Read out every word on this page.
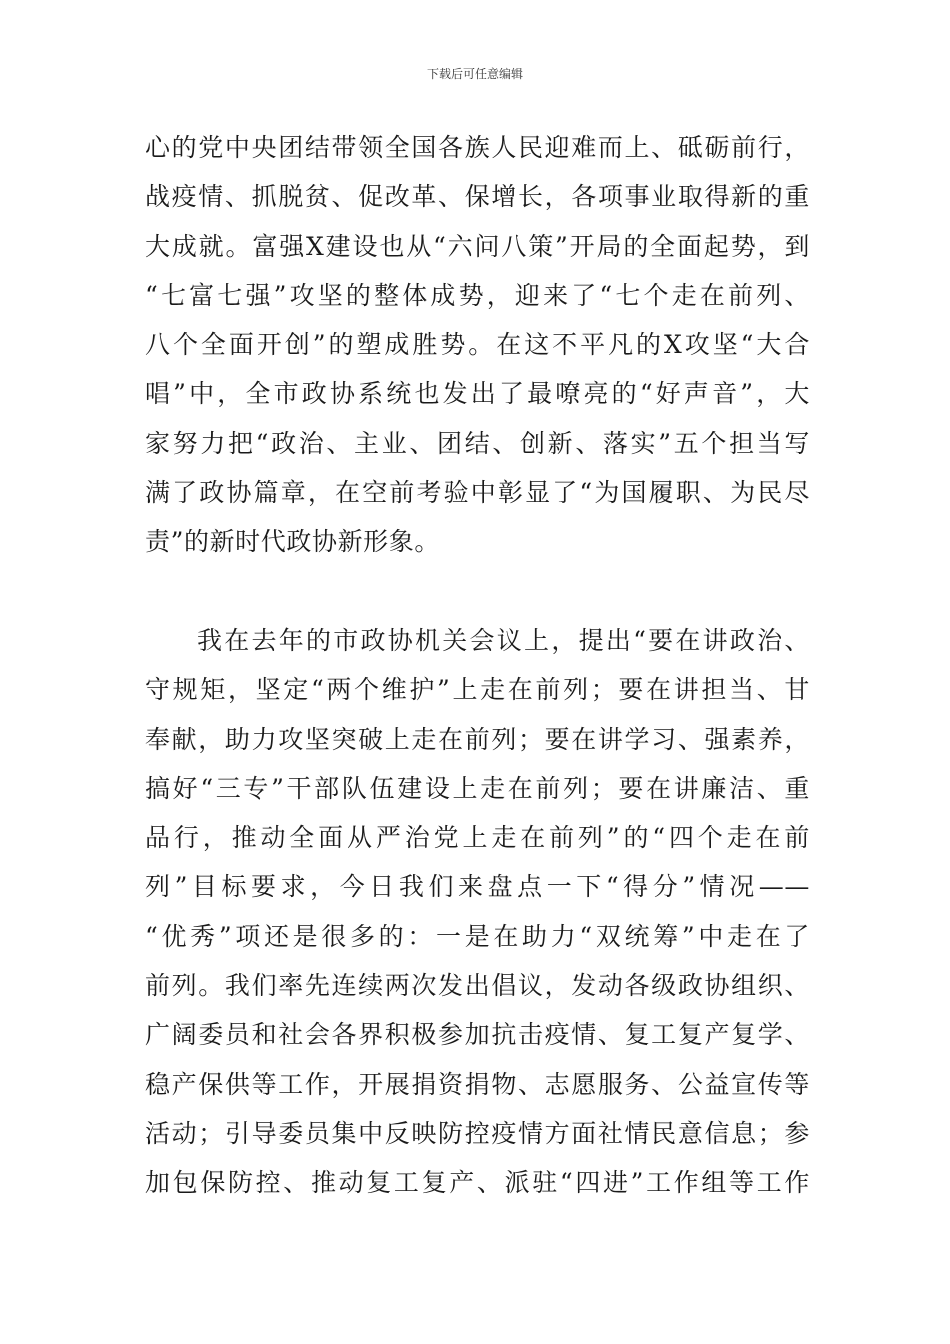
下载后可任意编辑
心的党中央团结带领全国各族人民迎难而上、砥砺前行，
战疫情、抓脱贫、促改革、保增长，各项事业取得新的重
大成就。富强X建设也从“六问八策”开局的全面起势，到
“七富七强”攻坚的整体成势，迎来了“七个走在前列、
八个全面开创”的塑成胜势。在这不平凡的X攻坚“大合
唱”中，全市政协系统也发出了最嘹亮的“好声音”，大
家努力把“政治、主业、团结、创新、落实”五个担当写
满了政协篇章，在空前考验中彰显了“为国履职、为民尽
责”的新时代政协新形象。
我在去年的市政协机关会议上，提出“要在讲政治、
守规矩，坚定“两个维护”上走在前列；要在讲担当、甘
奉献，助力攻坚突破上走在前列；要在讲学习、强素养，
搞好“三专”干部队伍建设上走在前列；要在讲廉洁、重
品行，推动全面从严治党上走在前列”的“四个走在前
列”目标要求，今日我们来盘点一下“得分”情况——
“优秀”项还是很多的：一是在助力“双统筹”中走在了
前列。我们率先连续两次发出倡议，发动各级政协组织、
广阔委员和社会各界积极参加抗击疫情、复工复产复学、
稳产保供等工作，开展捐资捐物、志愿服务、公益宣传等
活动；引导委员集中反映防控疫情方面社情民意信息；参
加包保防控、推动复工复产、派驻“四进”工作组等工作
